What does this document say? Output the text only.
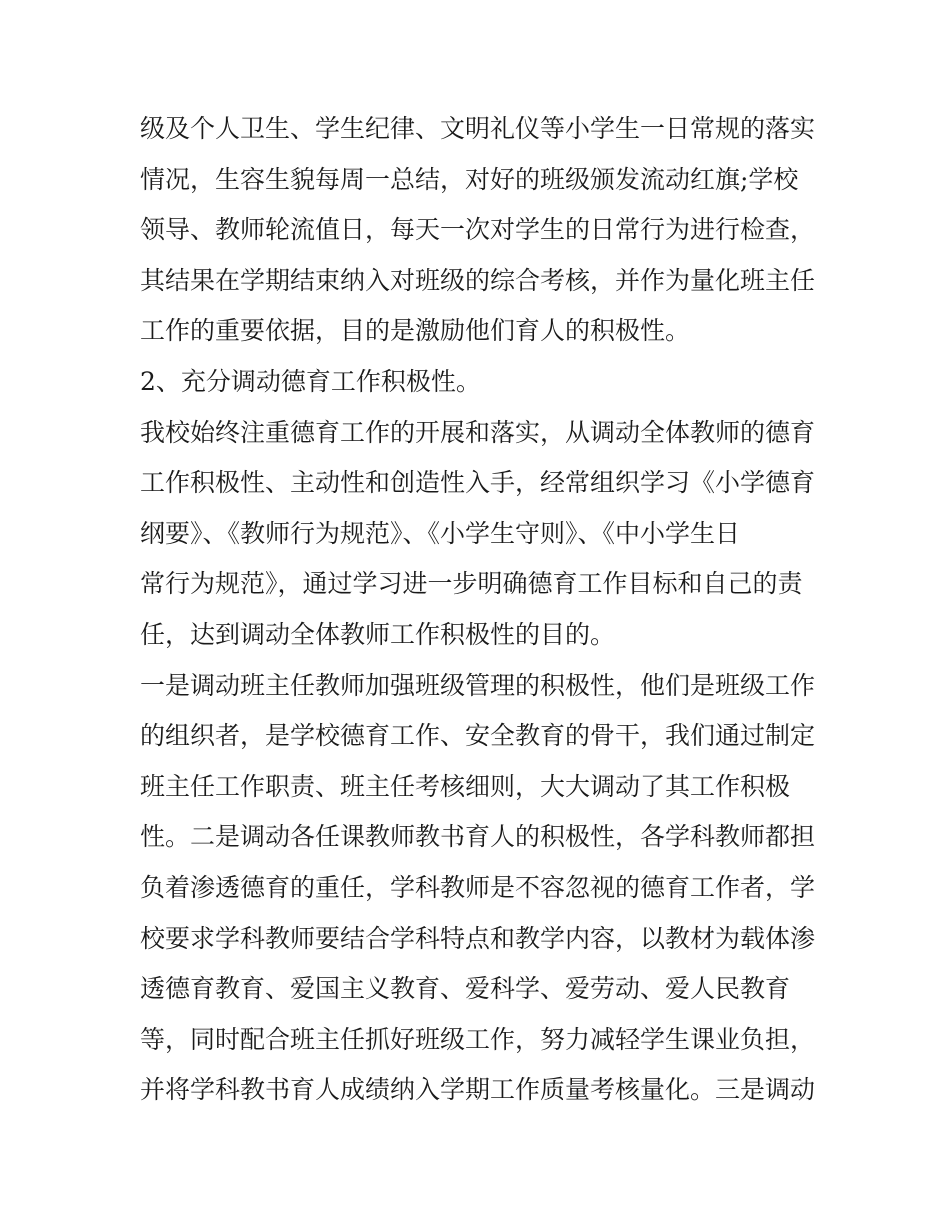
级及个人卫生、学生纪律、文明礼仪等小学生一日常规的落实
情况，生容生貌每周一总结，对好的班级颁发流动红旗;学校
领导、教师轮流值日，每天一次对学生的日常行为进行检查，
其结果在学期结束纳入对班级的综合考核，并作为量化班主任
工作的重要依据，目的是激励他们育人的积极性。
2、充分调动德育工作积极性。
我校始终注重德育工作的开展和落实，从调动全体教师的德育
工作积极性、主动性和创造性入手，经常组织学习《小学德育
纲要》、《教师行为规范》、《小学生守则》、《中小学生日
常行为规范》，通过学习进一步明确德育工作目标和自己的责
任，达到调动全体教师工作积极性的目的。
一是调动班主任教师加强班级管理的积极性，他们是班级工作
的组织者，是学校德育工作、安全教育的骨干，我们通过制定
班主任工作职责、班主任考核细则，大大调动了其工作积极
性。二是调动各任课教师教书育人的积极性，各学科教师都担
负着渗透德育的重任，学科教师是不容忽视的德育工作者，学
校要求学科教师要结合学科特点和教学内容，以教材为载体渗
透德育教育、爱国主义教育、爱科学、爱劳动、爱人民教育
等，同时配合班主任抓好班级工作，努力减轻学生课业负担，
并将学科教书育人成绩纳入学期工作质量考核量化。三是调动
